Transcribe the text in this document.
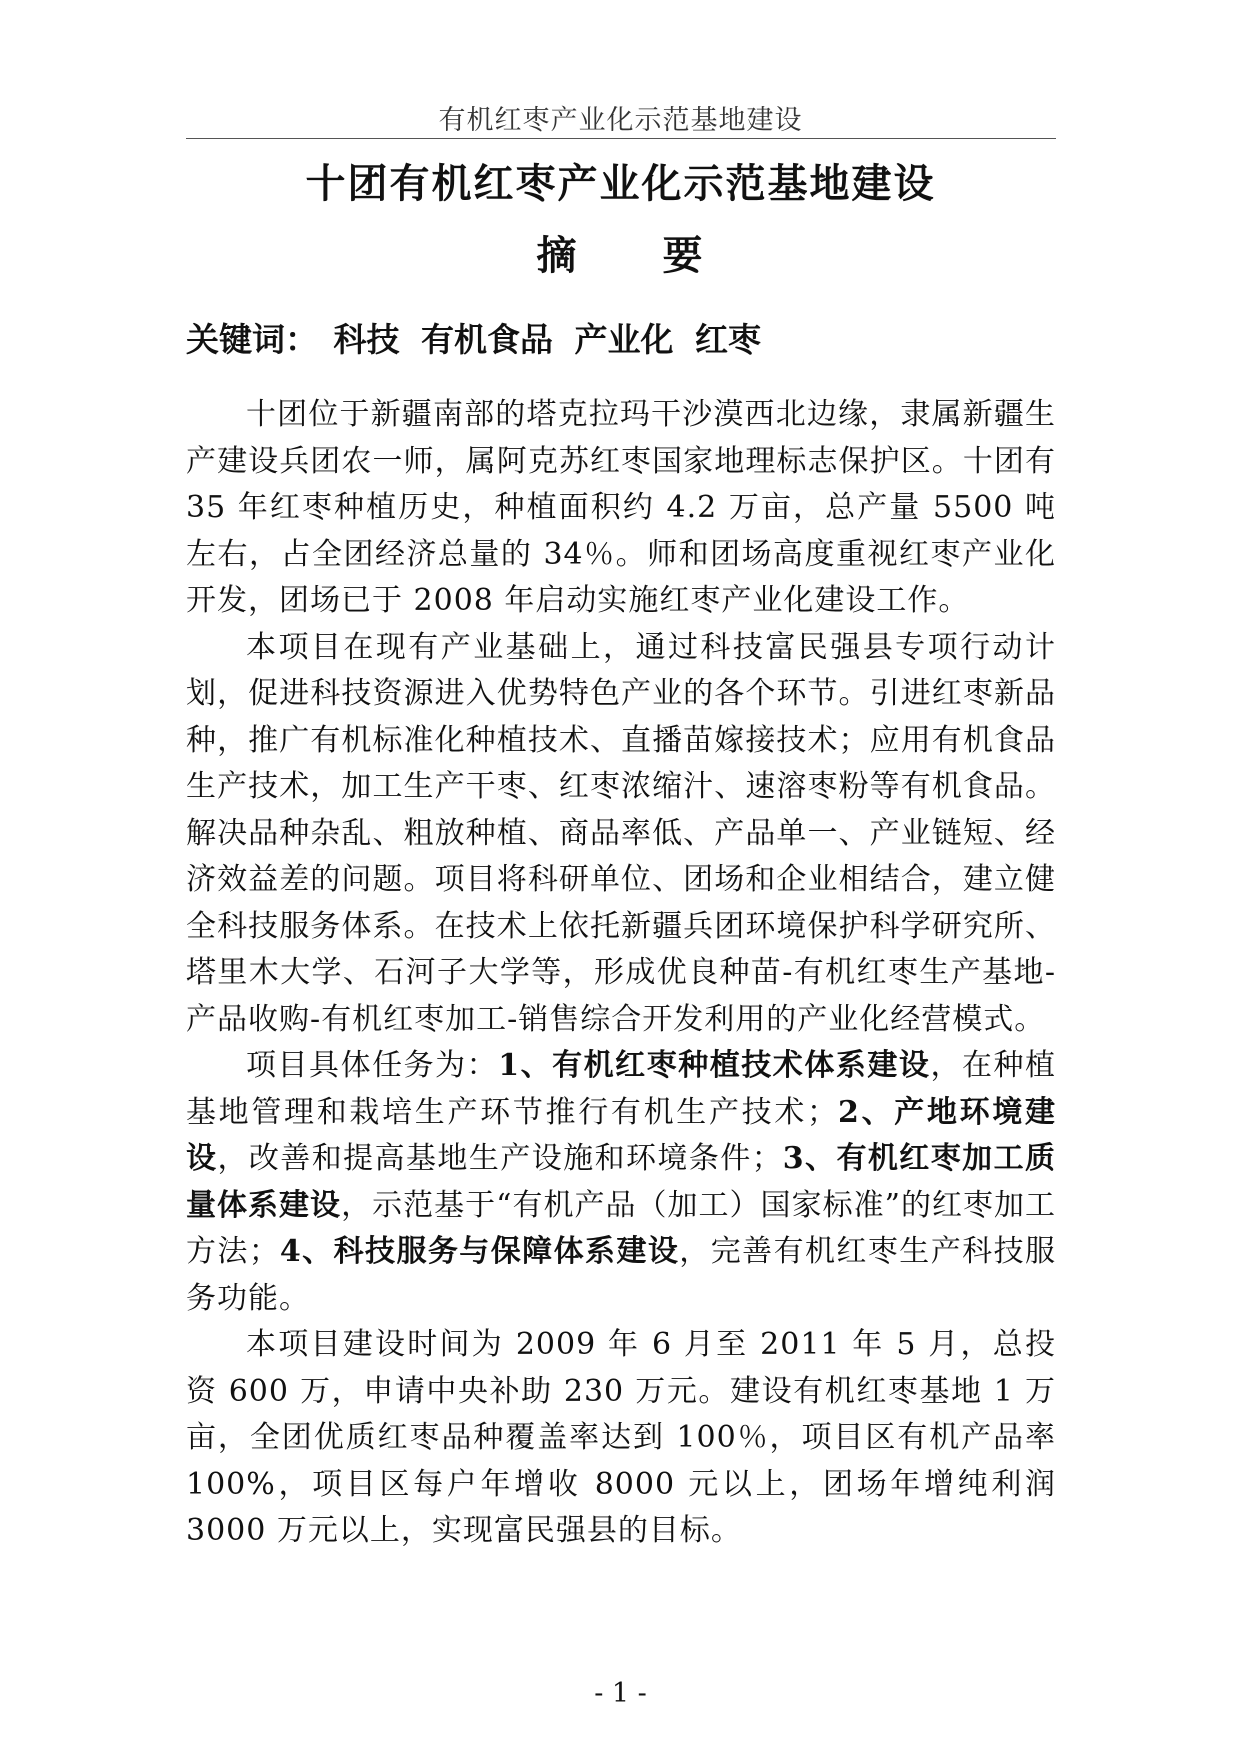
有机红枣产业化示范基地建设
十团有机红枣产业化示范基地建设
摘　　要
关键词： 科技 有机食品 产业化 红枣

十团位于新疆南部的塔克拉玛干沙漠西北边缘，隶属新疆生产建设兵团农一师，属阿克苏红枣国家地理标志保护区。十团有 35 年红枣种植历史，种植面积约 4.2 万亩，总产量 5500 吨左右，占全团经济总量的 34％。师和团场高度重视红枣产业化开发，团场已于 2008 年启动实施红枣产业化建设工作。

本项目在现有产业基础上，通过科技富民强县专项行动计划，促进科技资源进入优势特色产业的各个环节。引进红枣新品种，推广有机标准化种植技术、直播苗嫁接技术；应用有机食品生产技术，加工生产干枣、红枣浓缩汁、速溶枣粉等有机食品。解决品种杂乱、粗放种植、商品率低、产品单一、产业链短、经济效益差的问题。项目将科研单位、团场和企业相结合，建立健全科技服务体系。在技术上依托新疆兵团环境保护科学研究所、塔里木大学、石河子大学等，形成优良种苗-有机红枣生产基地-产品收购-有机红枣加工-销售综合开发利用的产业化经营模式。

项目具体任务为：1、有机红枣种植技术体系建设，在种植基地管理和栽培生产环节推行有机生产技术；2、产地环境建设，改善和提高基地生产设施和环境条件；3、有机红枣加工质量体系建设，示范基于“有机产品（加工）国家标准”的红枣加工方法；4、科技服务与保障体系建设，完善有机红枣生产科技服务功能。

本项目建设时间为 2009 年 6 月至 2011 年 5 月，总投资 600 万，申请中央补助 230 万元。建设有机红枣基地 1 万亩，全团优质红枣品种覆盖率达到 100％，项目区有机产品率 100%，项目区每户年增收 8000 元以上，团场年增纯利润 3000 万元以上，实现富民强县的目标。

- 1 -
